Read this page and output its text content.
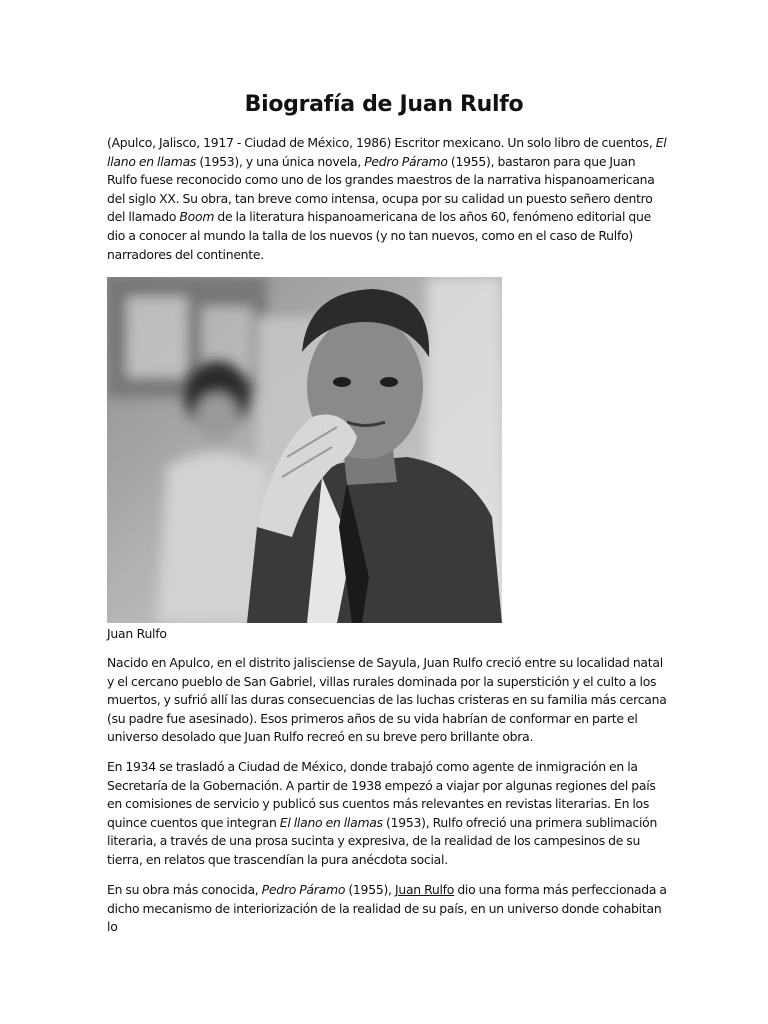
Biografía de Juan Rulfo

(Apulco, Jalisco, 1917 - Ciudad de México, 1986) Escritor mexicano. Un solo libro de cuentos, El llano en llamas (1953), y una única novela, Pedro Páramo (1955), bastaron para que Juan Rulfo fuese reconocido como uno de los grandes maestros de la narrativa hispanoamericana del siglo XX. Su obra, tan breve como intensa, ocupa por su calidad un puesto señero dentro del llamado Boom de la literatura hispanoamericana de los años 60, fenómeno editorial que dio a conocer al mundo la talla de los nuevos (y no tan nuevos, como en el caso de Rulfo) narradores del continente.

Juan Rulfo

Nacido en Apulco, en el distrito jalisciense de Sayula, Juan Rulfo creció entre su localidad natal y el cercano pueblo de San Gabriel, villas rurales dominada por la superstición y el culto a los muertos, y sufrió allí las duras consecuencias de las luchas cristeras en su familia más cercana (su padre fue asesinado). Esos primeros años de su vida habrían de conformar en parte el universo desolado que Juan Rulfo recreó en su breve pero brillante obra.

En 1934 se trasladó a Ciudad de México, donde trabajó como agente de inmigración en la Secretaría de la Gobernación. A partir de 1938 empezó a viajar por algunas regiones del país en comisiones de servicio y publicó sus cuentos más relevantes en revistas literarias. En los quince cuentos que integran El llano en llamas (1953), Rulfo ofreció una primera sublimación literaria, a través de una prosa sucinta y expresiva, de la realidad de los campesinos de su tierra, en relatos que trascendían la pura anécdota social.

En su obra más conocida, Pedro Páramo (1955), Juan Rulfo dio una forma más perfeccionada a dicho mecanismo de interiorización de la realidad de su país, en un universo donde cohabitan lo
